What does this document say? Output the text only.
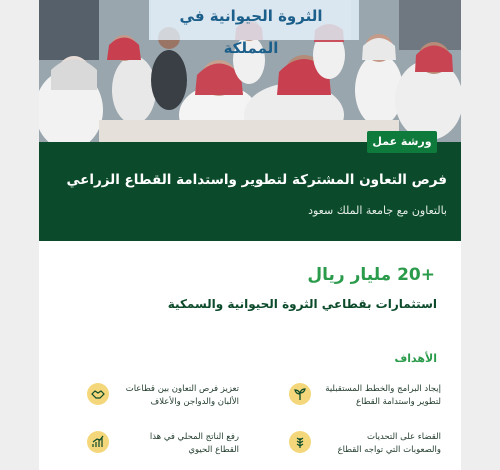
الثروة الحيوانية في المملكة
ورشة عمل
فرص التعاون المشتركة لتطوير واستدامة القطاع الزراعي
بالتعاون مع جامعة الملك سعود
+20 مليار ريال
استثمارات بقطاعي الثروة الحيوانية والسمكية
الأهداف
إيجاد البرامج والخطط المستقبلية
لتطوير واستدامة القطاع
تعزيز فرص التعاون بين قطاعات
الألبان والدواجن والأعلاف
القضاء على التحديات
والصعوبات التي تواجه القطاع
رفع الناتج المحلي في هذا
القطاع الحيوي
